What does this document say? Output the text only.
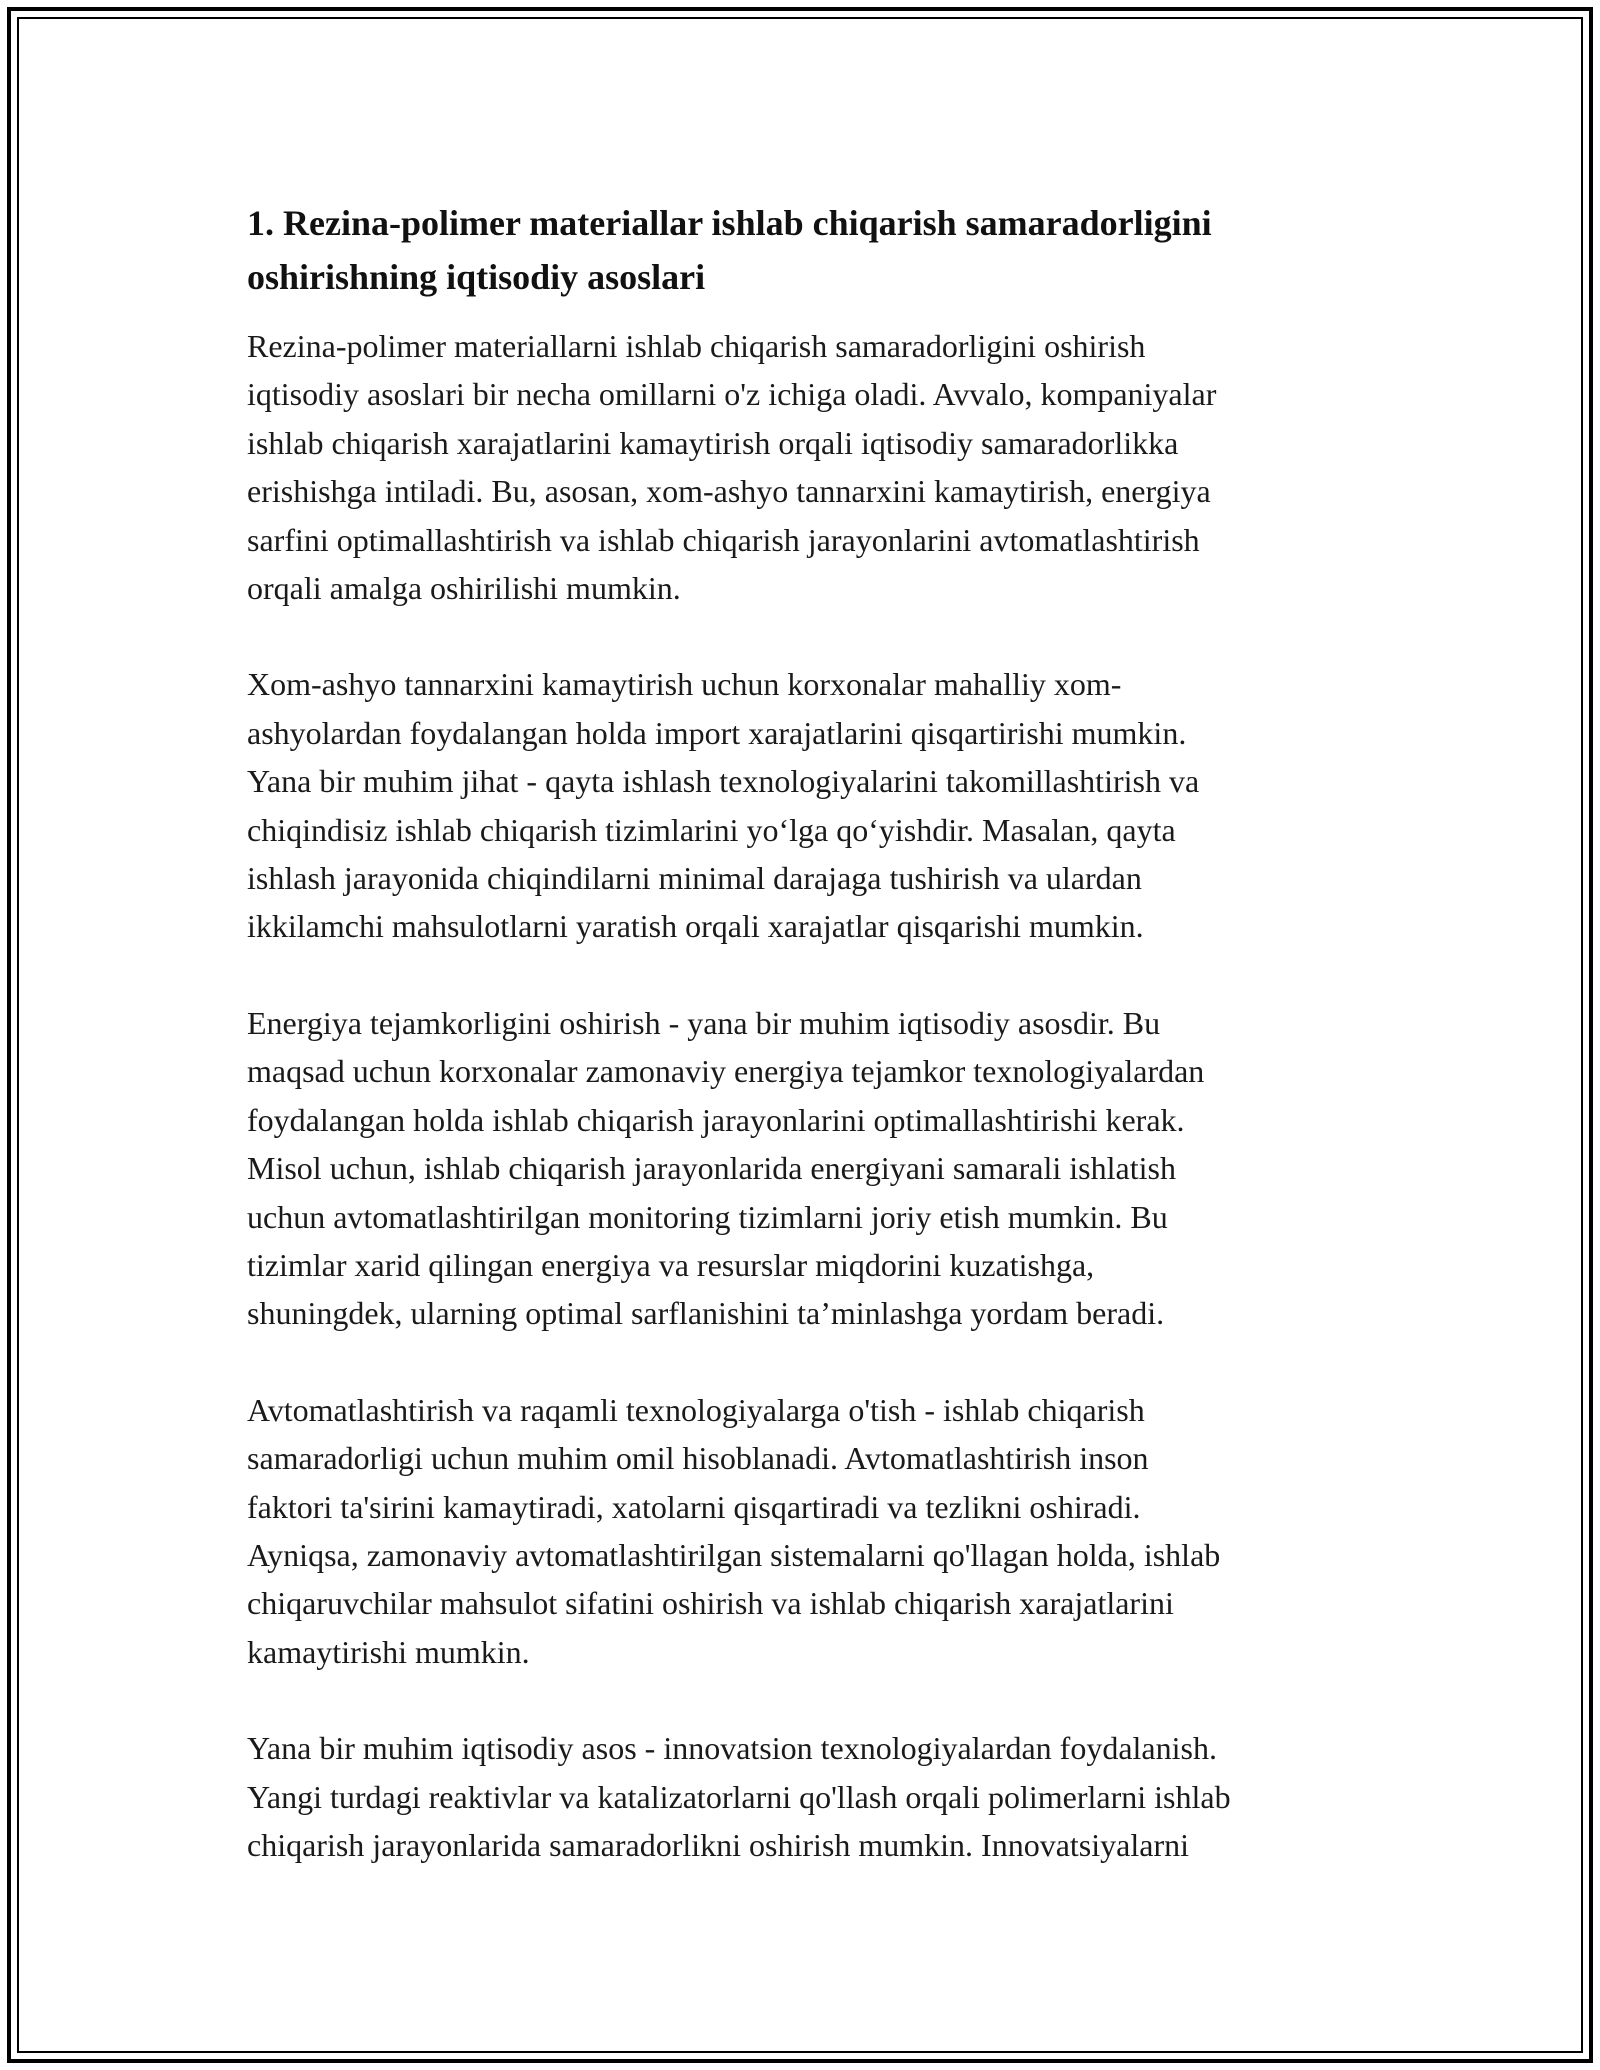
1. Rezina-polimer materiallar ishlab chiqarish samaradorligini
oshirishning iqtisodiy asoslari

Rezina-polimer materiallarni ishlab chiqarish samaradorligini oshirish
iqtisodiy asoslari bir necha omillarni o'z ichiga oladi. Avvalo, kompaniyalar
ishlab chiqarish xarajatlarini kamaytirish orqali iqtisodiy samaradorlikka
erishishga intiladi. Bu, asosan, xom-ashyo tannarxini kamaytirish, energiya
sarfini optimallashtirish va ishlab chiqarish jarayonlarini avtomatlashtirish
orqali amalga oshirilishi mumkin.

Xom-ashyo tannarxini kamaytirish uchun korxonalar mahalliy xom-
ashyolardan foydalangan holda import xarajatlarini qisqartirishi mumkin.
Yana bir muhim jihat - qayta ishlash texnologiyalarini takomillashtirish va
chiqindisiz ishlab chiqarish tizimlarini yo‘lga qo‘yishdir. Masalan, qayta
ishlash jarayonida chiqindilarni minimal darajaga tushirish va ulardan
ikkilamchi mahsulotlarni yaratish orqali xarajatlar qisqarishi mumkin.

Energiya tejamkorligini oshirish - yana bir muhim iqtisodiy asosdir. Bu
maqsad uchun korxonalar zamonaviy energiya tejamkor texnologiyalardan
foydalangan holda ishlab chiqarish jarayonlarini optimallashtirishi kerak.
Misol uchun, ishlab chiqarish jarayonlarida energiyani samarali ishlatish
uchun avtomatlashtirilgan monitoring tizimlarni joriy etish mumkin. Bu
tizimlar xarid qilingan energiya va resurslar miqdorini kuzatishga,
shuningdek, ularning optimal sarflanishini ta’minlashga yordam beradi.

Avtomatlashtirish va raqamli texnologiyalarga o'tish - ishlab chiqarish
samaradorligi uchun muhim omil hisoblanadi. Avtomatlashtirish inson
faktori ta'sirini kamaytiradi, xatolarni qisqartiradi va tezlikni oshiradi.
Ayniqsa, zamonaviy avtomatlashtirilgan sistemalarni qo'llagan holda, ishlab
chiqaruvchilar mahsulot sifatini oshirish va ishlab chiqarish xarajatlarini
kamaytirishi mumkin.

Yana bir muhim iqtisodiy asos - innovatsion texnologiyalardan foydalanish.
Yangi turdagi reaktivlar va katalizatorlarni qo'llash orqali polimerlarni ishlab
chiqarish jarayonlarida samaradorlikni oshirish mumkin. Innovatsiyalarni
